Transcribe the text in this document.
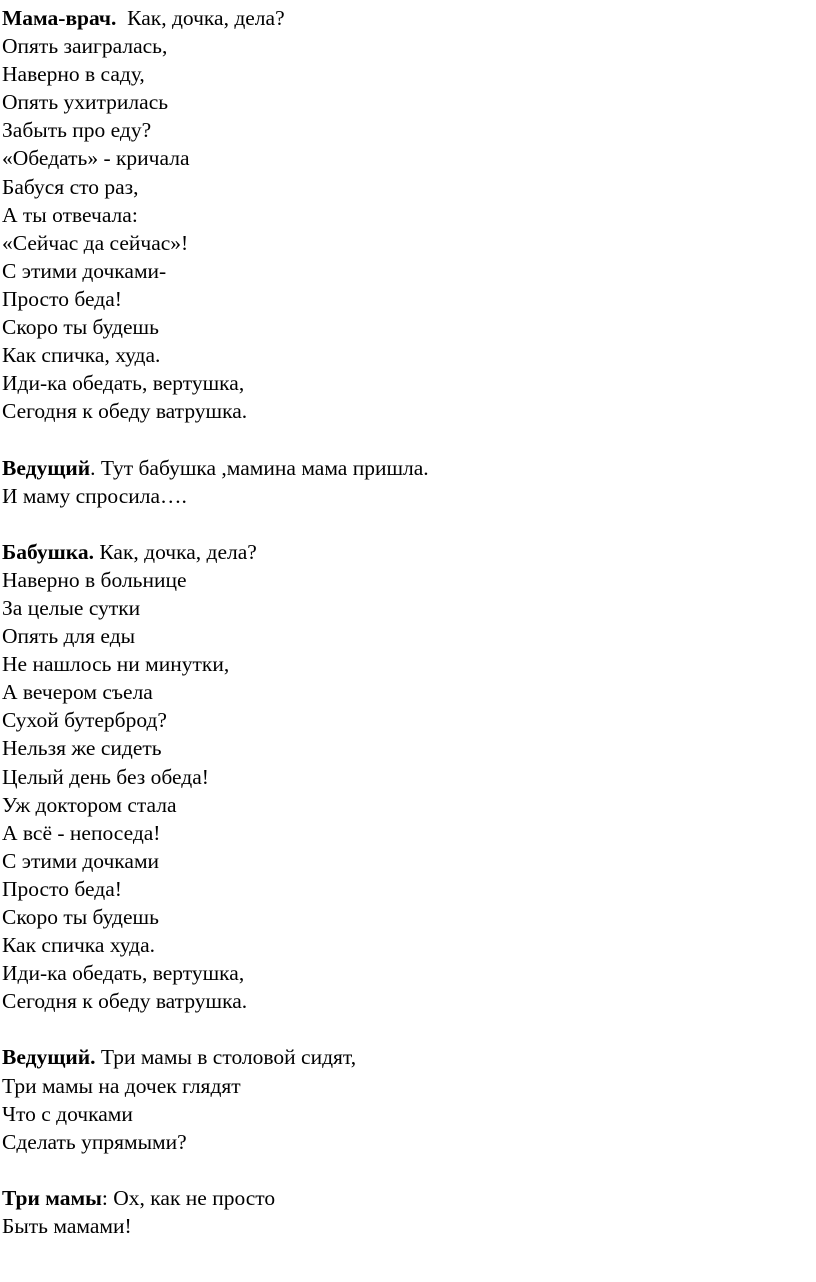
Мама-врач.  Как, дочка, дела?
Опять заигралась,
Наверно в саду,
Опять ухитрилась
Забыть про еду?
«Обедать» - кричала
Бабуся сто раз,
А ты отвечала:
«Сейчас да сейчас»!
С этими дочками-
Просто беда!
Скоро ты будешь
Как спичка, худа.
Иди-ка обедать, вертушка,
Сегодня к обеду ватрушка.
Ведущий. Тут бабушка ,мамина мама пришла.
И маму спросила….
Бабушка. Как, дочка, дела?
Наверно в больнице
За целые сутки
Опять для еды
Не нашлось ни минутки,
А вечером съела
Сухой бутерброд?
Нельзя же сидеть
Целый день без обеда!
Уж доктором стала
А всё - непоседа!
С этими дочками
Просто беда!
Скоро ты будешь
Как спичка худа.
Иди-ка обедать, вертушка,
Сегодня к обеду ватрушка.
Ведущий. Три мамы в столовой сидят,
Три мамы на дочек глядят
Что с дочками
Сделать упрямыми?
Три мамы: Ох, как не просто
Быть мамами!
